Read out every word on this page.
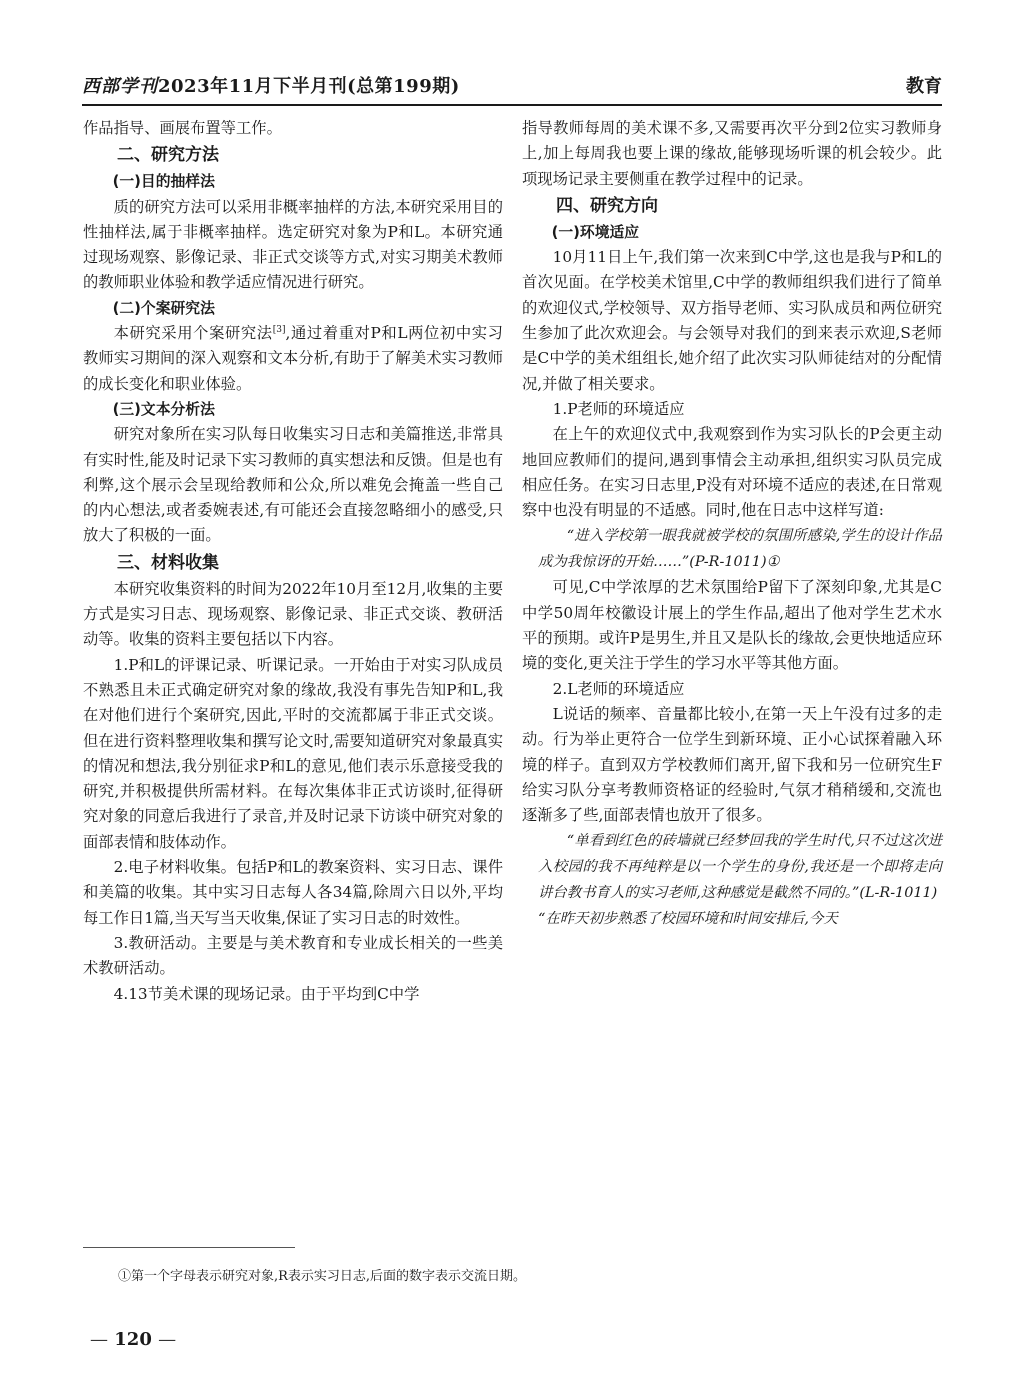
西部学刊2023年11月下半月刊(总第199期)	教育

作品指导、画展布置等工作。

二、研究方法

(一)目的抽样法

质的研究方法可以采用非概率抽样的方法,本研究采用目的性抽样法,属于非概率抽样。选定研究对象为P和L。本研究通过现场观察、影像记录、非正式交谈等方式,对实习期美术教师的教师职业体验和教学适应情况进行研究。

(二)个案研究法

本研究采用个案研究法[3],通过着重对P和L两位初中实习教师实习期间的深入观察和文本分析,有助于了解美术实习教师的成长变化和职业体验。

(三)文本分析法

研究对象所在实习队每日收集实习日志和美篇推送,非常具有实时性,能及时记录下实习教师的真实想法和反馈。但是也有利弊,这个展示会呈现给教师和公众,所以难免会掩盖一些自己的内心想法,或者委婉表述,有可能还会直接忽略细小的感受,只放大了积极的一面。

三、材料收集

本研究收集资料的时间为2022年10月至12月,收集的主要方式是实习日志、现场观察、影像记录、非正式交谈、教研活动等。收集的资料主要包括以下内容。

1.P和L的评课记录、听课记录。一开始由于对实习队成员不熟悉且未正式确定研究对象的缘故,我没有事先告知P和L,我在对他们进行个案研究,因此,平时的交流都属于非正式交谈。但在进行资料整理收集和撰写论文时,需要知道研究对象最真实的情况和想法,我分别征求P和L的意见,他们表示乐意接受我的研究,并积极提供所需材料。在每次集体非正式访谈时,征得研究对象的同意后我进行了录音,并及时记录下访谈中研究对象的面部表情和肢体动作。

2.电子材料收集。包括P和L的教案资料、实习日志、课件和美篇的收集。其中实习日志每人各34篇,除周六日以外,平均每工作日1篇,当天写当天收集,保证了实习日志的时效性。

3.教研活动。主要是与美术教育和专业成长相关的一些美术教研活动。

4.13节美术课的现场记录。由于平均到C中学

指导教师每周的美术课不多,又需要再次平分到2位实习教师身上,加上每周我也要上课的缘故,能够现场听课的机会较少。此项现场记录主要侧重在教学过程中的记录。

四、研究方向

(一)环境适应

10月11日上午,我们第一次来到C中学,这也是我与P和L的首次见面。在学校美术馆里,C中学的教师组织我们进行了简单的欢迎仪式,学校领导、双方指导老师、实习队成员和两位研究生参加了此次欢迎会。与会领导对我们的到来表示欢迎,S老师是C中学的美术组组长,她介绍了此次实习队师徒结对的分配情况,并做了相关要求。

1.P老师的环境适应

在上午的欢迎仪式中,我观察到作为实习队长的P会更主动地回应教师们的提问,遇到事情会主动承担,组织实习队员完成相应任务。在实习日志里,P没有对环境不适应的表述,在日常观察中也没有明显的不适感。同时,他在日志中这样写道:

“进入学校第一眼我就被学校的氛围所感染,学生的设计作品成为我惊讶的开始……”(P-R-1011)①

可见,C中学浓厚的艺术氛围给P留下了深刻印象,尤其是C中学50周年校徽设计展上的学生作品,超出了他对学生艺术水平的预期。或许P是男生,并且又是队长的缘故,会更快地适应环境的变化,更关注于学生的学习水平等其他方面。

2.L老师的环境适应

L说话的频率、音量都比较小,在第一天上午没有过多的走动。行为举止更符合一位学生到新环境、正小心试探着融入环境的样子。直到双方学校教师们离开,留下我和另一位研究生F给实习队分享考教师资格证的经验时,气氛才稍稍缓和,交流也逐渐多了些,面部表情也放开了很多。

“单看到红色的砖墙就已经梦回我的学生时代,只不过这次进入校园的我不再纯粹是以一个学生的身份,我还是一个即将走向讲台教书育人的实习老师,这种感觉是截然不同的。”(L-R-1011)

“在昨天初步熟悉了校园环境和时间安排后,今天

①第一个字母表示研究对象,R表示实习日志,后面的数字表示交流日期。
— 120 —
